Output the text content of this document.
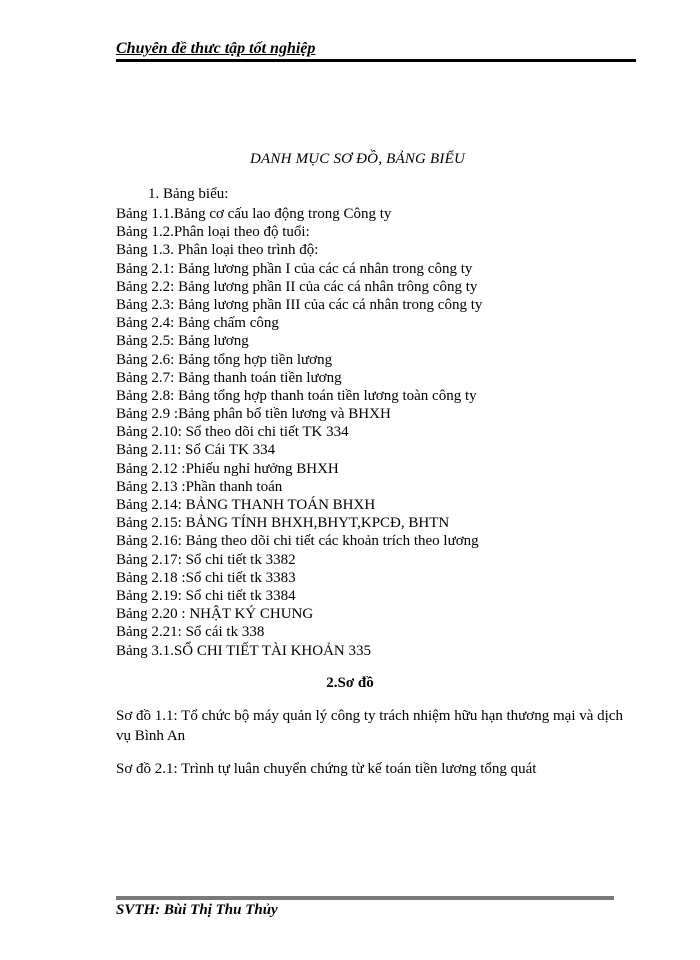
Chuyên đề thưc tập tốt nghiệp
DANH MỤC SƠ ĐỒ, BẢNG BIỂU
1. Bảng biểu:
Bảng 1.1.Bảng cơ cấu lao động trong Công ty
Bảng 1.2.Phân loại theo độ tuổi:
Bảng 1.3. Phân loại theo trình độ:
Bảng 2.1: Bảng lương phần I của các cá nhân trong công ty
Bảng 2.2: Bảng lương phần II của các cá nhân trông công ty
Bảng 2.3: Bảng lương phần III của các cá nhân trong công ty
Bảng 2.4: Bảng chấm công
Bảng 2.5: Bảng lương
Bảng 2.6: Bảng tổng hợp tiền lương
Bảng 2.7: Bảng thanh toán tiền lương
Bảng 2.8: Bảng tổng hợp thanh toán tiền lương toàn công ty
Bảng 2.9 :Bảng phân bổ tiền lương và BHXH
Bảng 2.10: Sổ theo dõi chi tiết TK 334
Bảng 2.11: Sổ Cái TK 334
Bảng 2.12 :Phiếu nghỉ hưởng BHXH
Bảng 2.13 :Phần thanh toán
Bảng 2.14: BẢNG THANH TOÁN BHXH
Bảng 2.15: BẢNG TÍNH BHXH,BHYT,KPCĐ, BHTN
Bảng 2.16: Bảng theo dõi chi tiết các khoản trích theo lương
Bảng 2.17: Sổ chi tiết tk 3382
Bảng 2.18 :Sổ chi tiết tk 3383
Bảng 2.19: Sổ chi tiết tk 3384
Bảng 2.20 : NHẬT KÝ CHUNG
Bảng 2.21: Sổ cái tk 338
Bảng 3.1.SỔ CHI TIẾT TÀI KHOẢN 335
2.Sơ đồ
Sơ đồ 1.1: Tổ chức bộ máy quản lý công ty trách nhiệm hữu hạn thương mại và dịch vụ Bình An
Sơ đồ 2.1: Trình tự luân chuyển chứng từ kế toán tiền lương tổng quát
SVTH: Bùi Thị Thu Thủy
